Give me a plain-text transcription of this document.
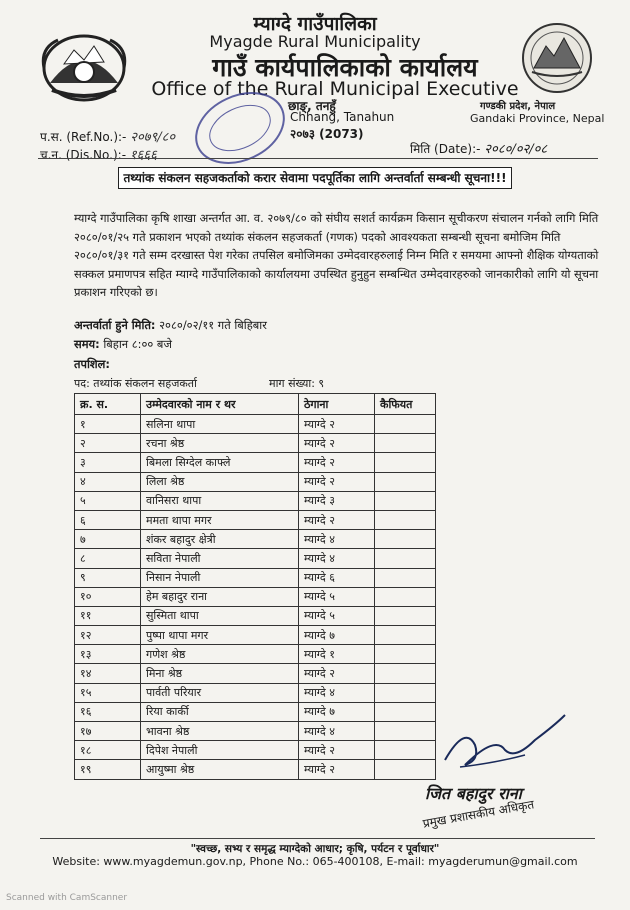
म्याग्दे गाउँपालिका
Myagde Rural Municipality
गाउँ कार्यपालिकाको कार्यालय
Office of the Rural Municipal Executive
छाङ्, तनहुँ
Chhang, Tanahun
२०७३ (2073)
गण्डकी प्रदेश, नेपाल
Gandaki Province, Nepal
प.स. (Ref.No.):- २०७९/८०
च.न. (Dis.No.):- १६६६	मिति (Date):- २०८०/०२/०८
तथ्यांक संकलन सहजकर्ताको करार सेवामा पदपूर्तिका लागि अन्तर्वार्ता सम्बन्धी सूचना!!!

म्याग्दे गाउँपालिका कृषि शाखा अन्तर्गत आ. व. २०७९/८० को संघीय सशर्त कार्यक्रम किसान सूचीकरण संचालन गर्नको लागि मिति २०८०/०१/२५ गते प्रकाशन भएको तथ्यांक संकलन सहजकर्ता (गणक) पदको आवश्यकता सम्बन्धी सूचना बमोजिम मिति २०८०/०१/३१ गते सम्म दरखास्त पेश गरेका तपसिल बमोजिमका उम्मेदवारहरुलाई निम्न मिति र समयमा आफ्नो शैक्षिक योग्यताको सक्कल प्रमाणपत्र सहित म्याग्दे गाउँपालिकाको कार्यालयमा उपस्थित हुनुहुन सम्बन्धित उम्मेदवारहरुको जानकारीको लागि यो सूचना प्रकाशन गरिएको छ।

अन्तर्वार्ता हुने मिति: २०८०/०२/११ गते बिहिबार
समय: बिहान ८:०० बजे
तपशिल:
पद: तथ्यांक संकलन सहजकर्ता	माग संख्या: ९
क्र. स.	उम्मेदवारको नाम र थर	ठेगाना	कैफियत
१	सलिना थापा	म्याग्दे २	
२	रचना श्रेष्ठ	म्याग्दे २	
३	बिमला सिग्देल काफ्ले	म्याग्दे २	
४	लिला श्रेष्ठ	म्याग्दे २	
५	वानिसरा थापा	म्याग्दे ३	
६	ममता थापा मगर	म्याग्दे २	
७	शंकर बहादुर क्षेत्री	म्याग्दे ४	
८	सविता नेपाली	म्याग्दे ४	
९	निसान नेपाली	म्याग्दे ६	
१०	हेम बहादुर राना	म्याग्दे ५	
११	सुस्मिता थापा	म्याग्दे ५	
१२	पुष्पा थापा मगर	म्याग्दे ७	
१३	गणेश श्रेष्ठ	म्याग्दे १	
१४	मिना श्रेष्ठ	म्याग्दे २	
१५	पार्वती परियार	म्याग्दे ४	
१६	रिया कार्की	म्याग्दे ७	
१७	भावना श्रेष्ठ	म्याग्दे ४	
१८	दिपेश नेपाली	म्याग्दे २	
१९	आयुष्मा श्रेष्ठ	म्याग्दे २	
जित बहादुर राना
प्रमुख प्रशासकीय अधिकृत
"स्वच्छ, सभ्य र समृद्ध म्याग्देको आधार; कृषि, पर्यटन र पूर्वाधार"
Website: www.myagdemun.gov.np, Phone No.: 065-400108, E-mail: myagderumun@gmail.com
Scanned with CamScanner
